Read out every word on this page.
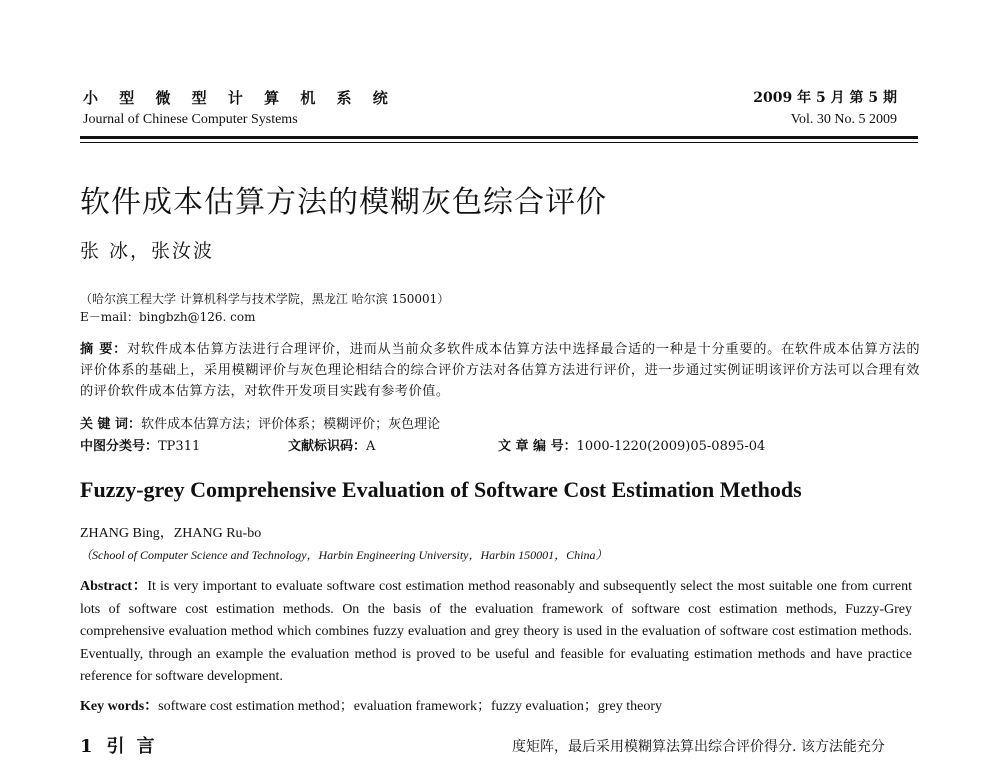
小 型 微 型 计 算 机 系 统
Journal of Chinese Computer Systems
2009 年 5 月 第 5 期
Vol. 30 No. 5 2009
软件成本估算方法的模糊灰色综合评价
张 冰，张汝波
（哈尔滨工程大学 计算机科学与技术学院，黑龙江 哈尔滨 150001）
E－mail：bingbzh@126. com
摘 要：对软件成本估算方法进行合理评价，进而从当前众多软件成本估算方法中选择最合适的一种是十分重要的。在软件成本估算方法的评价体系的基础上，采用模糊评价与灰色理论相结合的综合评价方法对各估算方法进行评价，进一步通过实例证明该评价方法可以合理有效的评价软件成本估算方法，对软件开发项目实践有参考价值。
关 键 词：软件成本估算方法；评价体系；模糊评价；灰色理论
中图分类号：TP311	文献标识码：A	文 章 编 号：1000-1220(2009)05-0895-04
Fuzzy-grey Comprehensive Evaluation of Software Cost Estimation Methods
ZHANG Bing，ZHANG Ru-bo
（School of Computer Science and Technology，Harbin Engineering University，Harbin 150001，China）
Abstract：It is very important to evaluate software cost estimation method reasonably and subsequently select the most suitable one from current lots of software cost estimation methods. On the basis of the evaluation framework of software cost estimation methods, Fuzzy-Grey comprehensive evaluation method which combines fuzzy evaluation and grey theory is used in the evaluation of software cost estimation methods. Eventually, through an example the evaluation method is proved to be useful and feasible for evaluating estimation methods and have practice reference for software development.
Key words：software cost estimation method；evaluation framework；fuzzy evaluation；grey theory
1 引言	度矩阵，最后采用模糊算法算出综合评价得分. 该方法能充分
